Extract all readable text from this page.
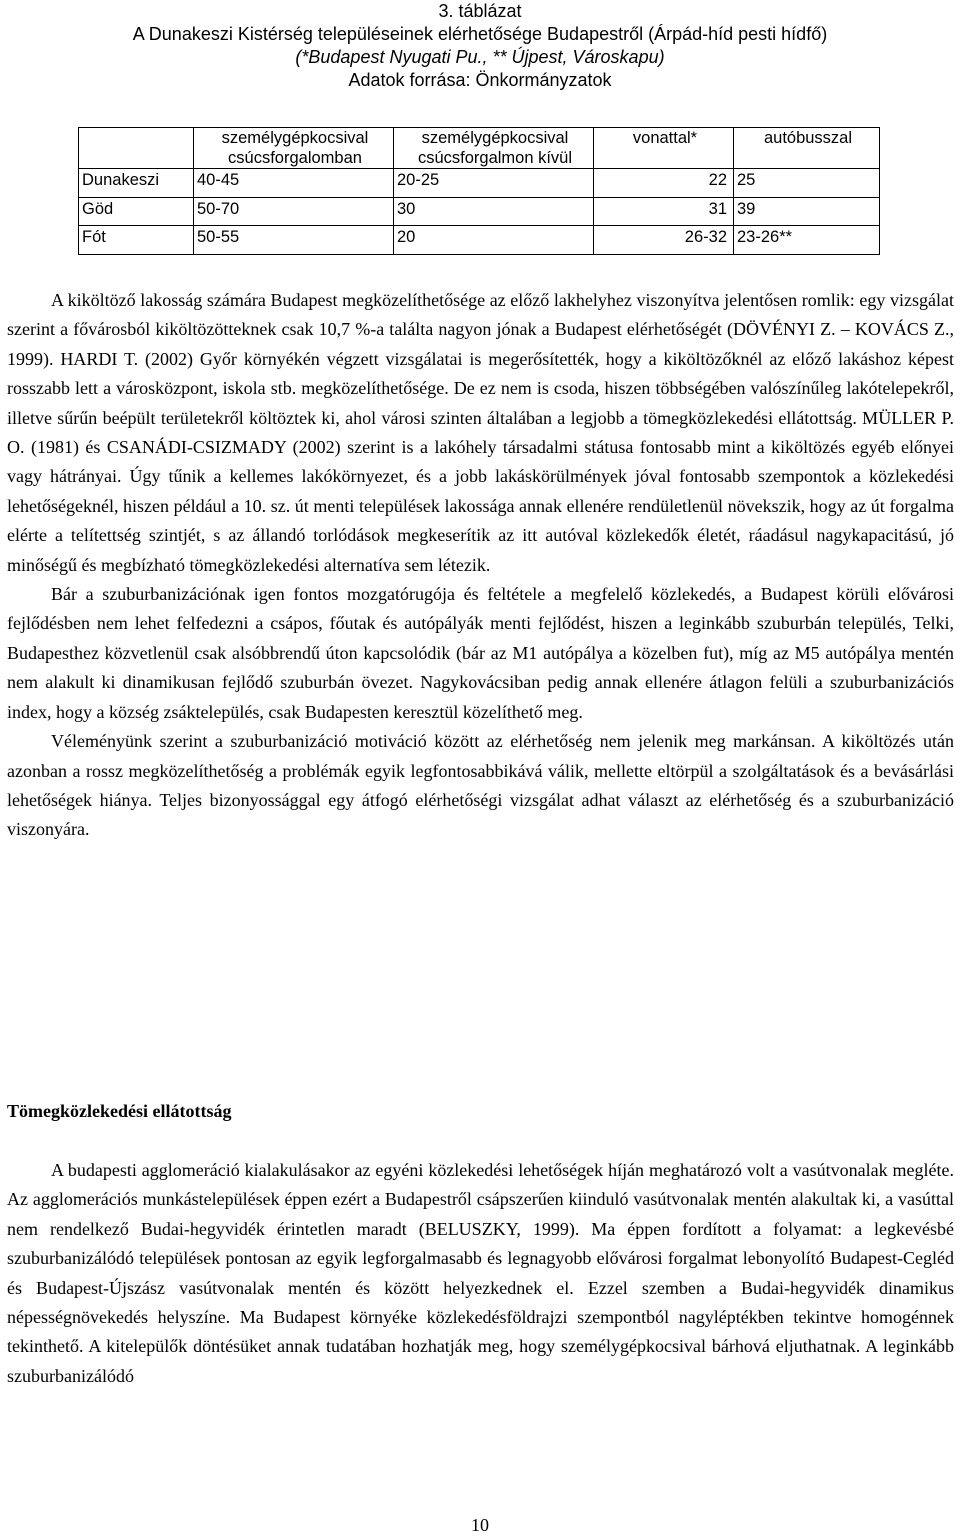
3. táblázat
A Dunakeszi Kistérség településeinek elérhetősége Budapestről (Árpád-híd pesti hídfő)
(*Budapest Nyugati Pu., ** Újpest, Városkapu)
Adatok forrása: Önkormányzatok
	személygépkocsival csúcsforgalomban	személygépkocsival csúcsforgalmon kívül	vonattal*	autóbusszal
Dunakeszi	40-45	20-25	22	25
Göd	50-70	30	31	39
Fót	50-55	20	26-32	23-26**

A kiköltöző lakosság számára Budapest megközelíthetősége az előző lakhelyhez viszonyítva jelentősen romlik: egy vizsgálat szerint a fővárosból kiköltözötteknek csak 10,7 %-a találta nagyon jónak a Budapest elérhetőségét (DÖVÉNYI Z. – KOVÁCS Z., 1999). HARDI T. (2002) Győr környékén végzett vizsgálatai is megerősítették, hogy a kiköltözőknél az előző lakáshoz képest rosszabb lett a városközpont, iskola stb. megközelíthetősége. De ez nem is csoda, hiszen többségében valószínűleg lakótelepekről, illetve sűrűn beépült területekről költöztek ki, ahol városi szinten általában a legjobb a tömegközlekedési ellátottság. MÜLLER P. O. (1981) és CSANÁDI-CSIZMADY (2002) szerint is a lakóhely társadalmi státusa fontosabb mint a kiköltözés egyéb előnyei vagy hátrányai. Úgy tűnik a kellemes lakókörnyezet, és a jobb lakáskörülmények jóval fontosabb szempontok a közlekedési lehetőségeknél, hiszen például a 10. sz. út menti települések lakossága annak ellenére rendületlenül növekszik, hogy az út forgalma elérte a telítettség szintjét, s az állandó torlódások megkeserítik az itt autóval közlekedők életét, ráadásul nagykapacitású, jó minőségű és megbízható tömegközlekedési alternatíva sem létezik.

Bár a szuburbanizációnak igen fontos mozgatórugója és feltétele a megfelelő közlekedés, a Budapest körüli elővárosi fejlődésben nem lehet felfedezni a csápos, főutak és autópályák menti fejlődést, hiszen a leginkább szuburbán település, Telki, Budapesthez közvetlenül csak alsóbbrendű úton kapcsolódik (bár az M1 autópálya a közelben fut), míg az M5 autópálya mentén nem alakult ki dinamikusan fejlődő szuburbán övezet. Nagykovácsiban pedig annak ellenére átlagon felüli a szuburbanizációs index, hogy a község zsáktelepülés, csak Budapesten keresztül közelíthető meg.

Véleményünk szerint a szuburbanizáció motiváció között az elérhetőség nem jelenik meg markánsan. A kiköltözés után azonban a rossz megközelíthetőség a problémák egyik legfontosabbikává válik, mellette eltörpül a szolgáltatások és a bevásárlási lehetőségek hiánya. Teljes bizonyossággal egy átfogó elérhetőségi vizsgálat adhat választ az elérhetőség és a szuburbanizáció viszonyára.

Tömegközlekedési ellátottság

A budapesti agglomeráció kialakulásakor az egyéni közlekedési lehetőségek híján meghatározó volt a vasútvonalak megléte. Az agglomerációs munkástelepülések éppen ezért a Budapestről csápszerűen kiinduló vasútvonalak mentén alakultak ki, a vasúttal nem rendelkező Budai-hegyvidék érintetlen maradt (BELUSZKY, 1999). Ma éppen fordított a folyamat: a legkevésbé szuburbanizálódó települések pontosan az egyik legforgalmasabb és legnagyobb elővárosi forgalmat lebonyolító Budapest-Cegléd és Budapest-Újszász vasútvonalak mentén és között helyezkednek el. Ezzel szemben a Budai-hegyvidék dinamikus népességnövekedés helyszíne. Ma Budapest környéke közlekedésföldrajzi szempontból nagyléptékben tekintve homogénnek tekinthető. A kitelepülők döntésüket annak tudatában hozhatják meg, hogy személygépkocsival bárhová eljuthatnak. A leginkább szuburbanizálódó

10
